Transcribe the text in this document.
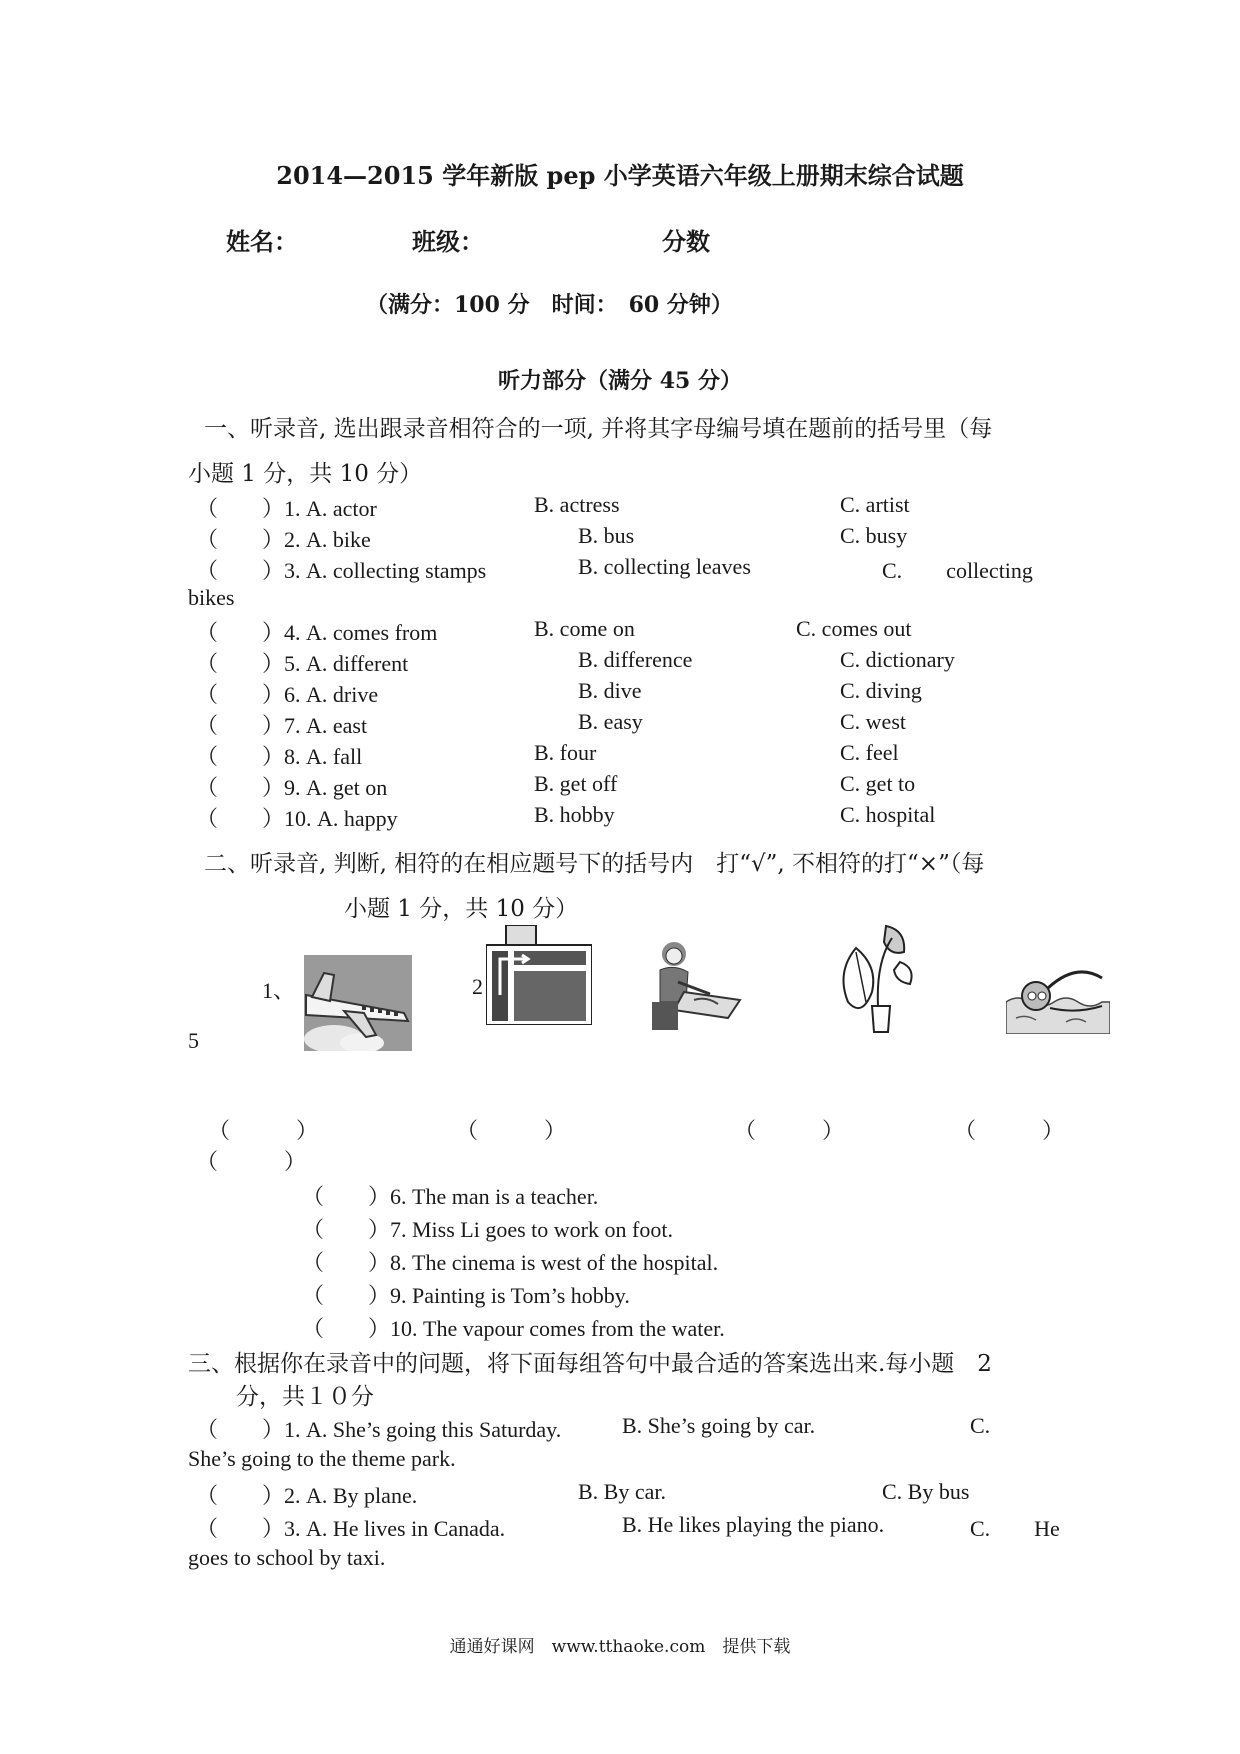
2014—2015 学年新版 pep 小学英语六年级上册期末综合试题
姓名：	班级：	分数
（满分：100 分　时间：　60 分钟）
听力部分（满分 45 分）
一、听录音, 选出跟录音相符合的一项, 并将其字母编号填在题前的括号里（每
小题 1 分，共 10 分）
（　　）1. A. actor	B. actress	C. artist
（　　）2. A. bike	B. bus	C. busy
（　　）3. A. collecting stamps	B. collecting leaves	C.　　collecting
bikes
（　　）4. A. comes from	B. come on	C. comes out
（　　）5. A. different	B. difference	C. dictionary
（　　）6. A. drive	B. dive	C. diving
（　　）7. A. east	B. easy	C. west
（　　）8. A. fall	B. four	C. feel
（　　）9. A. get on	B. get off	C. get to
（　　）10. A. happy	B. hobby	C. hospital
二、听录音, 判断, 相符的在相应题号下的括号内　打“√”, 不相符的打“×”（每
小题 1 分，共 10 分）
1、	2
5
（　　　）	（　　　）	（　　　）	（　　　）
（　　　）
（　　）6. The man is a teacher.
（　　）7. Miss Li goes to work on foot.
（　　）8. The cinema is west of the hospital.
（　　）9. Painting is Tom’s hobby.
（　　）10. The vapour comes from the water.
三、根据你在录音中的问题，将下面每组答句中最合适的答案选出来.每小题　2
分，共１０分
（　　）1. A. She’s going this Saturday.	B. She’s going by car.	C.
She’s going to the theme park.
（　　）2. A. By plane.	B. By car.	C. By bus
（　　）3. A. He lives in Canada.	B. He likes playing the piano.	C.　　He
goes to school by taxi.
通通好课网　www.tthaoke.com　提供下载
